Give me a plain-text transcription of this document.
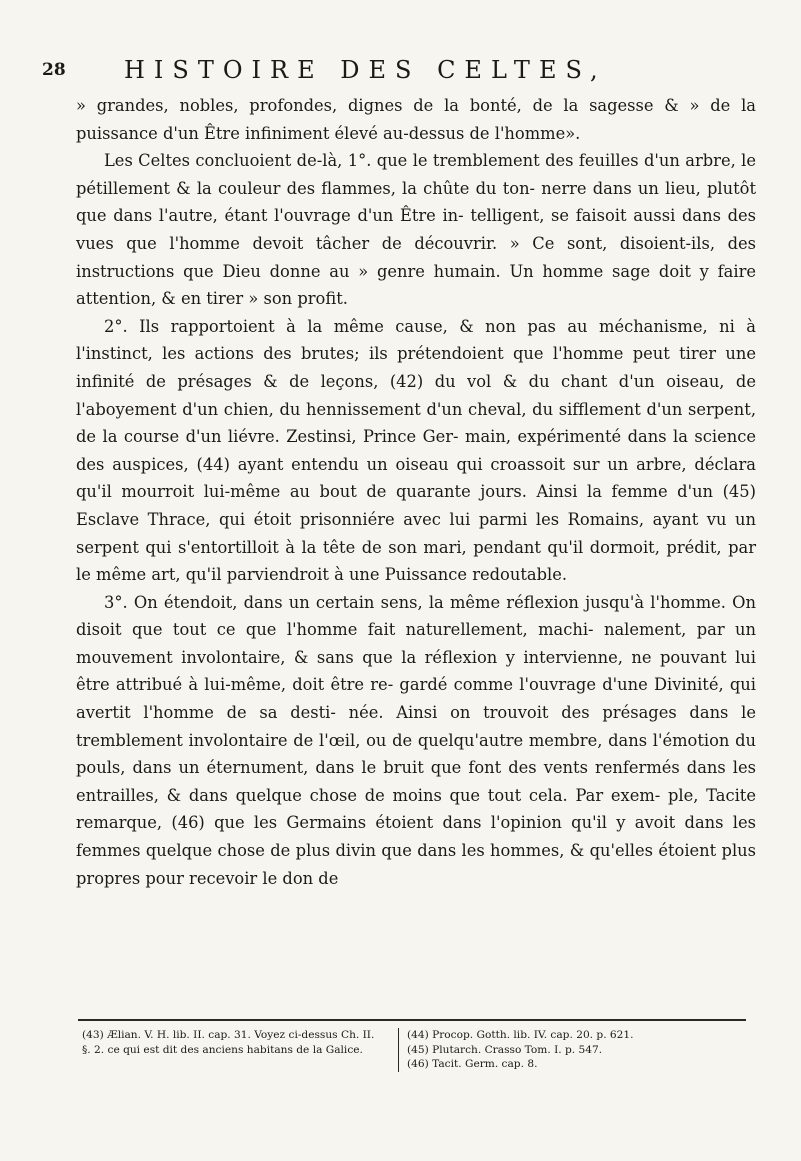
28 HISTOIRE DES CELTES,

» grandes, nobles, profondes, dignes de la bonté, de la sagesse & » de la puissance d'un Être infiniment élevé au-dessus de l'homme».

Les Celtes concluoient de-là, 1°. que le tremblement des feuilles d'un arbre, le pétillement & la couleur des flammes, la chûte du ton- nerre dans un lieu, plutôt que dans l'autre, étant l'ouvrage d'un Être in- telligent, se faisoit aussi dans des vues que l'homme devoit tâcher de découvrir. » Ce sont, disoient-ils, des instructions que Dieu donne au » genre humain. Un homme sage doit y faire attention, & en tirer » son profit.

2°. Ils rapportoient à la même cause, & non pas au méchanisme, ni à l'instinct, les actions des brutes; ils prétendoient que l'homme peut tirer une infinité de présages & de leçons, (42) du vol & du chant d'un oiseau, de l'aboyement d'un chien, du hennissement d'un cheval, du sifflement d'un serpent, de la course d'un liévre. Zestinsi, Prince Ger- main, expérimenté dans la science des auspices, (44) ayant entendu un oiseau qui croassoit sur un arbre, déclara qu'il mourroit lui-même au bout de quarante jours. Ainsi la femme d'un (45) Esclave Thrace, qui étoit prisonniére avec lui parmi les Romains, ayant vu un serpent qui s'entortilloit à la tête de son mari, pendant qu'il dormoit, prédit, par le même art, qu'il parviendroit à une Puissance redoutable.

3°. On étendoit, dans un certain sens, la même réflexion jusqu'à l'homme. On disoit que tout ce que l'homme fait naturellement, machi- nalement, par un mouvement involontaire, & sans que la réflexion y intervienne, ne pouvant lui être attribué à lui-même, doit être re- gardé comme l'ouvrage d'une Divinité, qui avertit l'homme de sa desti- née. Ainsi on trouvoit des présages dans le tremblement involontaire de l'œil, ou de quelqu'autre membre, dans l'émotion du pouls, dans un éternument, dans le bruit que font des vents renfermés dans les entrailles, & dans quelque chose de moins que tout cela. Par exem- ple, Tacite remarque, (46) que les Germains étoient dans l'opinion qu'il y avoit dans les femmes quelque chose de plus divin que dans les hommes, & qu'elles étoient plus propres pour recevoir le don de

(43) Ælian. V. H. lib. II. cap. 31. Voyez ci-dessus Ch. II. §. 2. ce qui est dit des anciens habitans de la Galice.

(44) Procop. Gotth. lib. IV. cap. 20. p. 621.

(45) Plutarch. Crasso Tom. I. p. 547.

(46) Tacit. Germ. cap. 8.
